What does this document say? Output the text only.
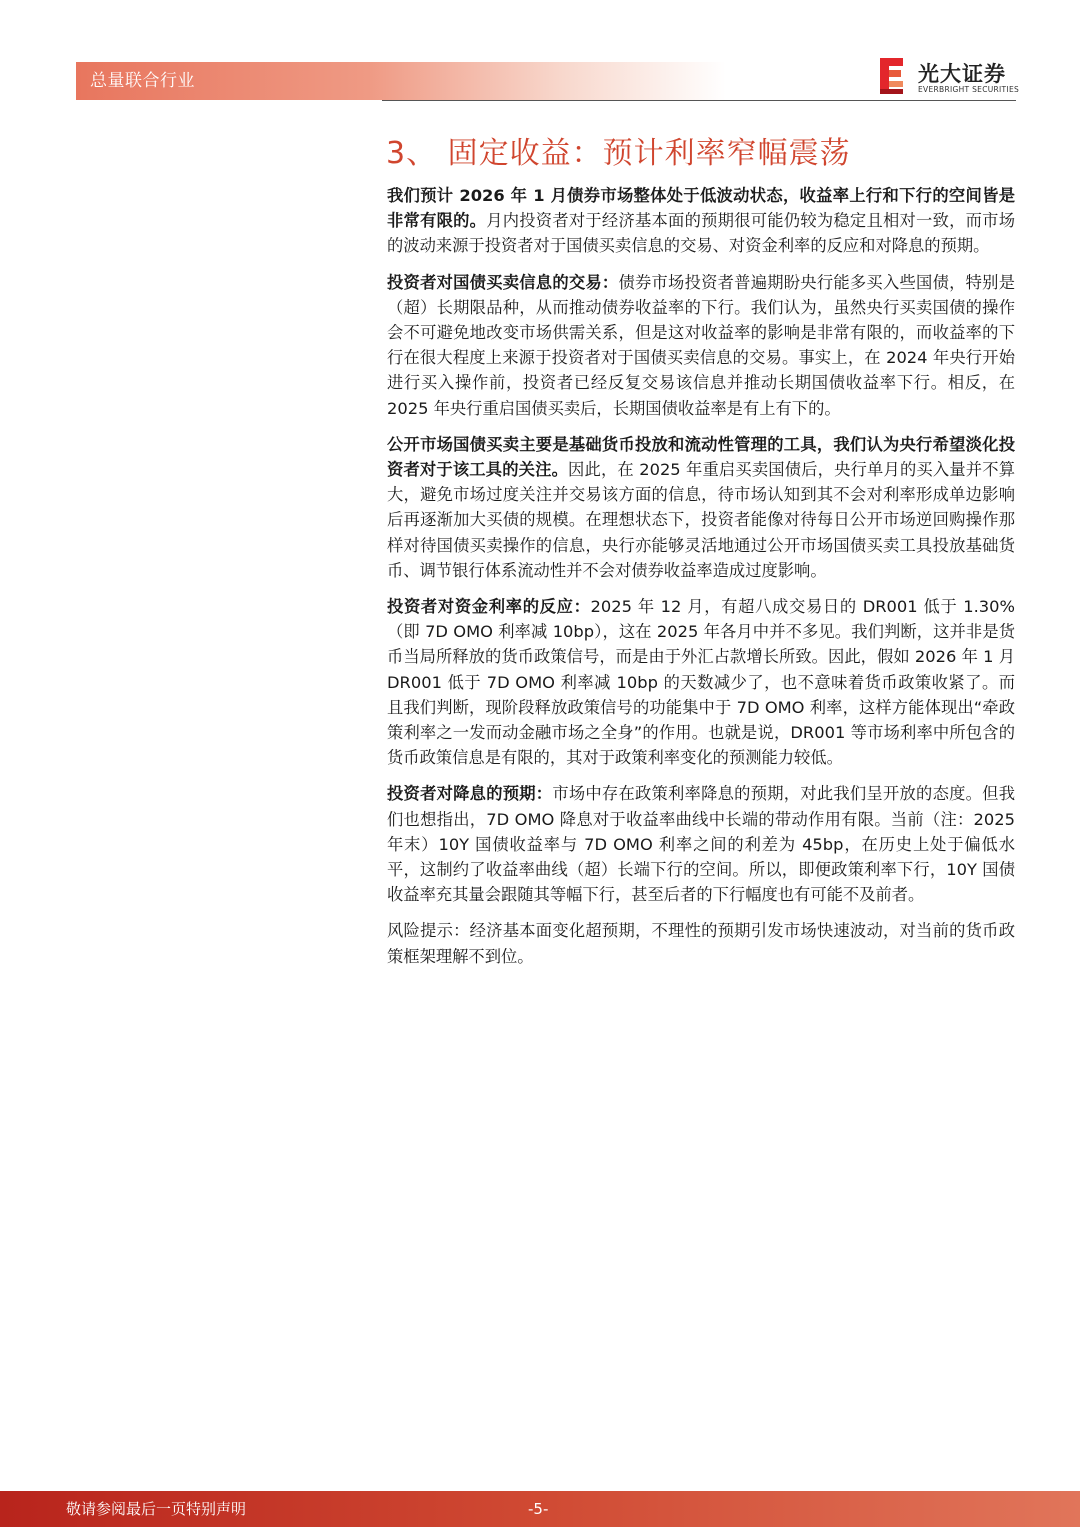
总量联合行业	光大证券
EVERBRIGHT SECURITIES
3、 固定收益：预计利率窄幅震荡

我们预计 2026 年 1 月债券市场整体处于低波动状态，收益率上行和下行的空间皆是非常有限的。月内投资者对于经济基本面的预期很可能仍较为稳定且相对一致，而市场的波动来源于投资者对于国债买卖信息的交易、对资金利率的反应和对降息的预期。

投资者对国债买卖信息的交易：债券市场投资者普遍期盼央行能多买入些国债，特别是（超）长期限品种，从而推动债券收益率的下行。我们认为，虽然央行买卖国债的操作会不可避免地改变市场供需关系，但是这对收益率的影响是非常有限的，而收益率的下行在很大程度上来源于投资者对于国债买卖信息的交易。事实上，在 2024 年央行开始进行买入操作前，投资者已经反复交易该信息并推动长期国债收益率下行。相反，在 2025 年央行重启国债买卖后，长期国债收益率是有上有下的。

公开市场国债买卖主要是基础货币投放和流动性管理的工具，我们认为央行希望淡化投资者对于该工具的关注。因此，在 2025 年重启买卖国债后，央行单月的买入量并不算大，避免市场过度关注并交易该方面的信息，待市场认知到其不会对利率形成单边影响后再逐渐加大买债的规模。在理想状态下，投资者能像对待每日公开市场逆回购操作那样对待国债买卖操作的信息，央行亦能够灵活地通过公开市场国债买卖工具投放基础货币、调节银行体系流动性并不会对债券收益率造成过度影响。

投资者对资金利率的反应：2025 年 12 月，有超八成交易日的 DR001 低于 1.30%（即 7D OMO 利率减 10bp），这在 2025 年各月中并不多见。我们判断，这并非是货币当局所释放的货币政策信号，而是由于外汇占款增长所致。因此，假如 2026 年 1 月 DR001 低于 7D OMO 利率减 10bp 的天数减少了，也不意味着货币政策收紧了。而且我们判断，现阶段释放政策信号的功能集中于 7D OMO 利率，这样方能体现出“牵政策利率之一发而动金融市场之全身”的作用。也就是说，DR001 等市场利率中所包含的货币政策信息是有限的，其对于政策利率变化的预测能力较低。

投资者对降息的预期：市场中存在政策利率降息的预期，对此我们呈开放的态度。但我们也想指出，7D OMO 降息对于收益率曲线中长端的带动作用有限。当前（注：2025 年末）10Y 国债收益率与 7D OMO 利率之间的利差为 45bp，在历史上处于偏低水平，这制约了收益率曲线（超）长端下行的空间。所以，即便政策利率下行，10Y 国债收益率充其量会跟随其等幅下行，甚至后者的下行幅度也有可能不及前者。

风险提示：经济基本面变化超预期，不理性的预期引发市场快速波动，对当前的货币政策框架理解不到位。

敬请参阅最后一页特别声明	-5-
